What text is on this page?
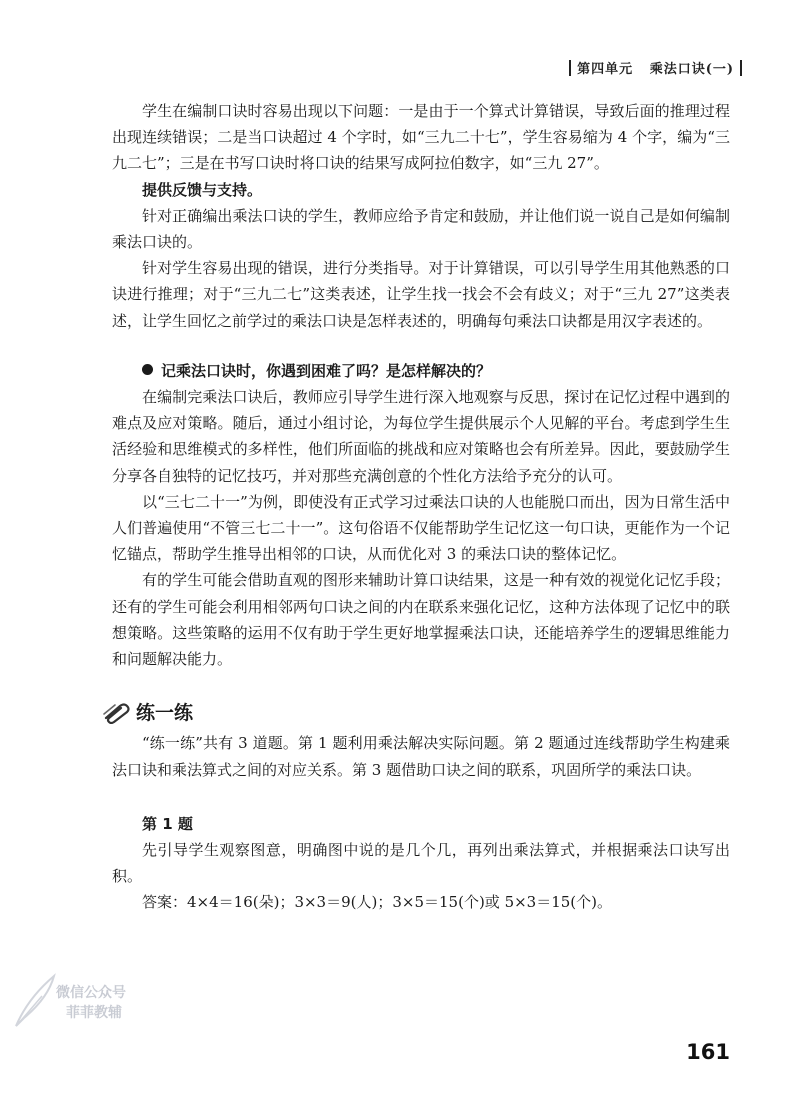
第四单元 乘法口诀(一)

学生在编制口诀时容易出现以下问题：一是由于一个算式计算错误，导致后面的推理过程出现连续错误；二是当口诀超过 4 个字时，如“三九二十七”，学生容易缩为 4 个字，编为“三九二七”；三是在书写口诀时将口诀的结果写成阿拉伯数字，如“三九 27”。

提供反馈与支持。

针对正确编出乘法口诀的学生，教师应给予肯定和鼓励，并让他们说一说自己是如何编制乘法口诀的。

针对学生容易出现的错误，进行分类指导。对于计算错误，可以引导学生用其他熟悉的口诀进行推理；对于“三九二七”这类表述，让学生找一找会不会有歧义；对于“三九 27”这类表述，让学生回忆之前学过的乘法口诀是怎样表述的，明确每句乘法口诀都是用汉字表述的。

记乘法口诀时，你遇到困难了吗？是怎样解决的？

在编制完乘法口诀后，教师应引导学生进行深入地观察与反思，探讨在记忆过程中遇到的难点及应对策略。随后，通过小组讨论，为每位学生提供展示个人见解的平台。考虑到学生生活经验和思维模式的多样性，他们所面临的挑战和应对策略也会有所差异。因此，要鼓励学生分享各自独特的记忆技巧，并对那些充满创意的个性化方法给予充分的认可。

以“三七二十一”为例，即使没有正式学习过乘法口诀的人也能脱口而出，因为日常生活中人们普遍使用“不管三七二十一”。这句俗语不仅能帮助学生记忆这一句口诀，更能作为一个记忆锚点，帮助学生推导出相邻的口诀，从而优化对 3 的乘法口诀的整体记忆。

有的学生可能会借助直观的图形来辅助计算口诀结果，这是一种有效的视觉化记忆手段；还有的学生可能会利用相邻两句口诀之间的内在联系来强化记忆，这种方法体现了记忆中的联想策略。这些策略的运用不仅有助于学生更好地掌握乘法口诀，还能培养学生的逻辑思维能力和问题解决能力。

练一练

“练一练”共有 3 道题。第 1 题利用乘法解决实际问题。第 2 题通过连线帮助学生构建乘法口诀和乘法算式之间的对应关系。第 3 题借助口诀之间的联系，巩固所学的乘法口诀。

第 1 题

先引导学生观察图意，明确图中说的是几个几，再列出乘法算式，并根据乘法口诀写出积。

答案：4×4＝16(朵)；3×3＝9(人)；3×5＝15(个)或 5×3＝15(个)。

微信公众号
菲菲教辅
161
